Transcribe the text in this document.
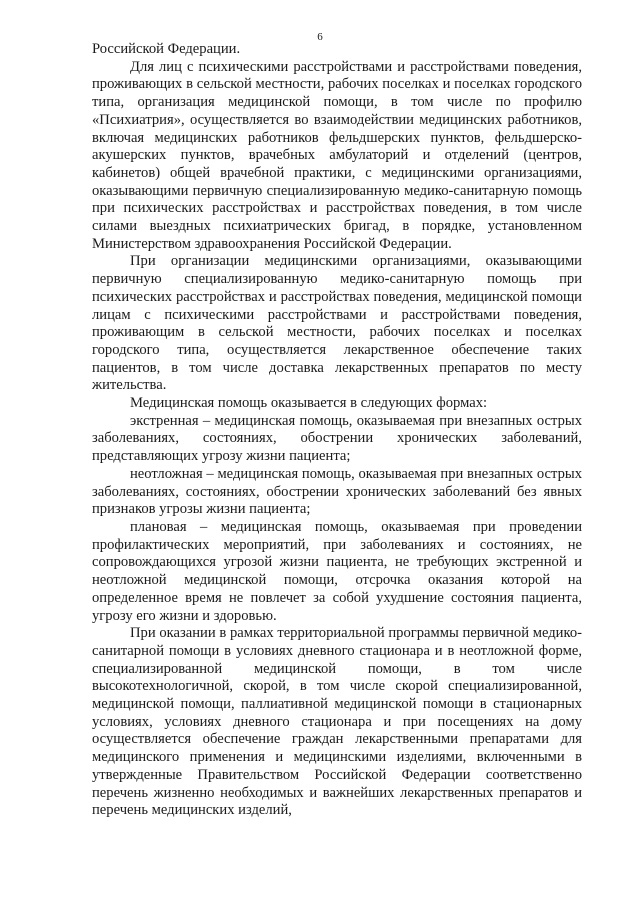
6

Российской Федерации.

Для лиц с психическими расстройствами и расстройствами поведения, проживающих в сельской местности, рабочих поселках и поселках городского типа, организация медицинской помощи, в том числе по профилю «Психиатрия», осуществляется во взаимодействии медицинских работников, включая медицинских работников фельдшерских пунктов, фельдшерско-акушерских пунктов, врачебных амбулаторий и отделений (центров, кабинетов) общей врачебной практики, с медицинскими организациями, оказывающими первичную специализированную медико-санитарную помощь при психических расстройствах и расстройствах поведения, в том числе силами выездных психиатрических бригад, в порядке, установленном Министерством здравоохранения Российской Федерации.

При организации медицинскими организациями, оказывающими первичную специализированную медико-санитарную помощь при психических расстройствах и расстройствах поведения, медицинской помощи лицам с психическими расстройствами и расстройствами поведения, проживающим в сельской местности, рабочих поселках и поселках городского типа, осуществляется лекарственное обеспечение таких пациентов, в том числе доставка лекарственных препаратов по месту жительства.

Медицинская помощь оказывается в следующих формах:

экстренная – медицинская помощь, оказываемая при внезапных острых заболеваниях, состояниях, обострении хронических заболеваний, представляющих угрозу жизни пациента;

неотложная – медицинская помощь, оказываемая при внезапных острых заболеваниях, состояниях, обострении хронических заболеваний без явных признаков угрозы жизни пациента;

плановая – медицинская помощь, оказываемая при проведении профилактических мероприятий, при заболеваниях и состояниях, не сопровождающихся угрозой жизни пациента, не требующих экстренной и неотложной медицинской помощи, отсрочка оказания которой на определенное время не повлечет за собой ухудшение состояния пациента, угрозу его жизни и здоровью.

При оказании в рамках территориальной программы первичной медико-санитарной помощи в условиях дневного стационара и в неотложной форме, специализированной медицинской помощи, в том числе высокотехнологичной, скорой, в том числе скорой специализированной, медицинской помощи, паллиативной медицинской помощи в стационарных условиях, условиях дневного стационара и при посещениях на дому осуществляется обеспечение граждан лекарственными препаратами для медицинского применения и медицинскими изделиями, включенными в утвержденные Правительством Российской Федерации соответственно перечень жизненно необходимых и важнейших лекарственных препаратов и перечень медицинских изделий,
